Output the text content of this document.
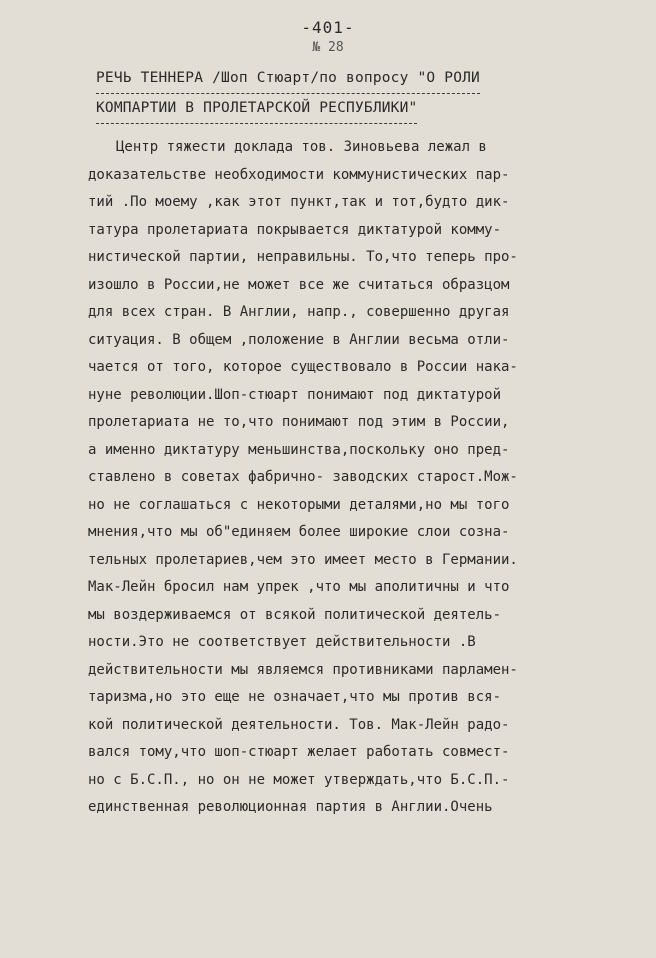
-401-
№ 28
РЕЧЬ ТЕННЕРА /Шоп Стюарт/по вопросу "О РОЛИ
КОМПАРТИИ В ПРОЛЕТАРСКОЙ РЕСПУБЛИКИ"
Центр тяжести доклада тов. Зиновьева лежал в
доказательстве необходимости коммунистических пар-
тий .По моему ,как этот пункт,так и тот,будто дик-
татура пролетариата покрывается диктатурой комму-
нистической партии, неправильны. То,что теперь про-
изошло в России,не может все же считаться образцом
для всех стран. В Англии, напр., совершенно другая
ситуация. В общем ,положение в Англии весьма отли-
чается от того, которое существовало в России нака-
нуне революции.Шоп-стюарт понимают под диктатурой
пролетариата не то,что понимают под этим в России,
а именно диктатуру меньшинства,поскольку оно пред-
ставлено в советах фабрично- заводских старост.Мож-
но не соглашаться с некоторыми деталями,но мы того
мнения,что мы об"единяем более широкие слои созна-
тельных пролетариев,чем это имеет место в Германии.
Мак-Лейн бросил нам упрек ,что мы аполитичны и что
мы воздерживаемся от всякой политической деятель-
ности.Это не соответствует действительности .В
действительности мы являемся противниками парламен-
таризма,но это еще не означает,что мы против вся-
кой политической деятельности. Тов. Мак-Лейн радо-
вался тому,что шоп-стюарт желает работать совмест-
но с Б.С.П., но он не может утверждать,что Б.С.П.-
единственная революционная партия в Англии.Очень
